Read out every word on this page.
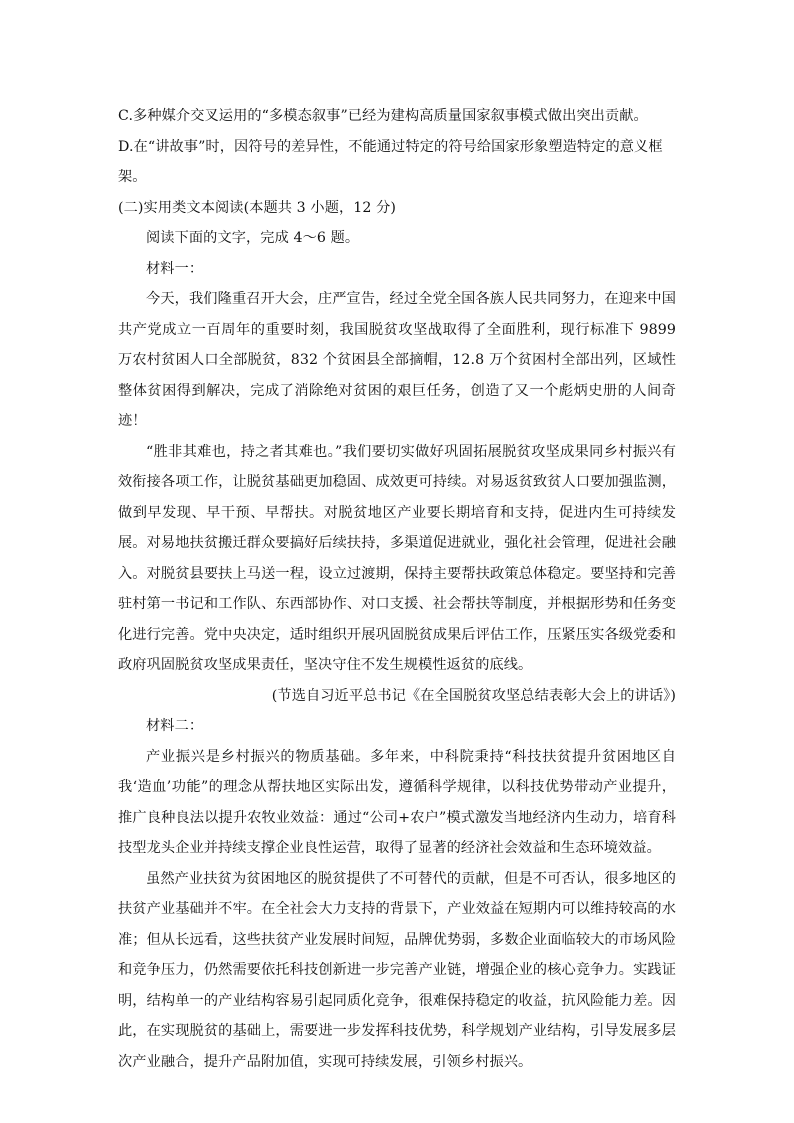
C.多种媒介交叉运用的“多模态叙事”已经为建构高质量国家叙事模式做出突出贡献。

D.在“讲故事”时，因符号的差异性，不能通过特定的符号给国家形象塑造特定的意义框架。

(二)实用类文本阅读(本题共 3 小题，12 分)

阅读下面的文字，完成 4～6 题。

材料一：

今天，我们隆重召开大会，庄严宣告，经过全党全国各族人民共同努力，在迎来中国共产党成立一百周年的重要时刻，我国脱贫攻坚战取得了全面胜利，现行标准下 9899 万农村贫困人口全部脱贫，832 个贫困县全部摘帽，12.8 万个贫困村全部出列，区域性整体贫困得到解决，完成了消除绝对贫困的艰巨任务，创造了又一个彪炳史册的人间奇迹！

“胜非其难也，持之者其难也。”我们要切实做好巩固拓展脱贫攻坚成果同乡村振兴有效衔接各项工作，让脱贫基础更加稳固、成效更可持续。对易返贫致贫人口要加强监测，做到早发现、早干预、早帮扶。对脱贫地区产业要长期培育和支持，促进内生可持续发展。对易地扶贫搬迁群众要搞好后续扶持，多渠道促进就业，强化社会管理，促进社会融入。对脱贫县要扶上马送一程，设立过渡期，保持主要帮扶政策总体稳定。要坚持和完善驻村第一书记和工作队、东西部协作、对口支援、社会帮扶等制度，并根据形势和任务变化进行完善。党中央决定，适时组织开展巩固脱贫成果后评估工作，压紧压实各级党委和政府巩固脱贫攻坚成果责任，坚决守住不发生规模性返贫的底线。

(节选自习近平总书记《在全国脱贫攻坚总结表彰大会上的讲话》)

材料二：

产业振兴是乡村振兴的物质基础。多年来，中科院秉持“科技扶贫提升贫困地区自我‘造血’功能”的理念从帮扶地区实际出发，遵循科学规律，以科技优势带动产业提升，推广良种良法以提升农牧业效益：通过“公司+农户”模式激发当地经济内生动力，培育科技型龙头企业并持续支撑企业良性运营，取得了显著的经济社会效益和生态环境效益。

虽然产业扶贫为贫困地区的脱贫提供了不可替代的贡献，但是不可否认，很多地区的扶贫产业基础并不牢。在全社会大力支持的背景下，产业效益在短期内可以维持较高的水准；但从长远看，这些扶贫产业发展时间短，品牌优势弱，多数企业面临较大的市场风险和竞争压力，仍然需要依托科技创新进一步完善产业链，增强企业的核心竞争力。实践证明，结构单一的产业结构容易引起同质化竞争，很难保持稳定的收益，抗风险能力差。因此，在实现脱贫的基础上，需要进一步发挥科技优势，科学规划产业结构，引导发展多层次产业融合，提升产品附加值，实现可持续发展，引领乡村振兴。
